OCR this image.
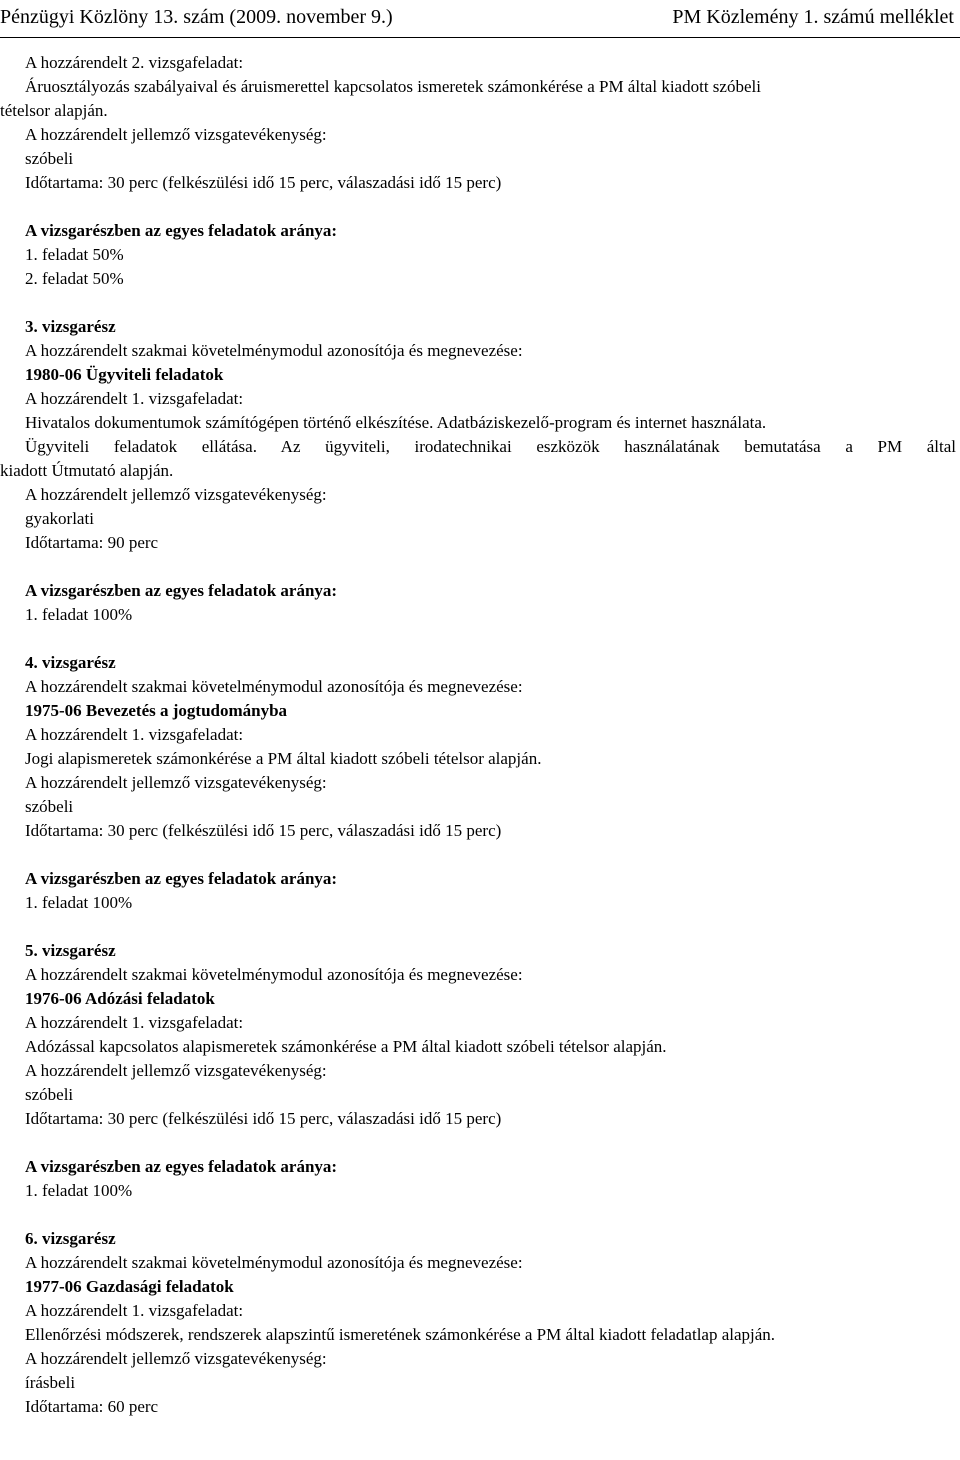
Pénzügyi Közlöny 13. szám (2009. november 9.)	PM Közlemény 1. számú melléklet
A hozzárendelt 2. vizsgafeladat:
Áruosztályozás szabályaival és áruismerettel kapcsolatos ismeretek számonkérése a PM által kiadott szóbeli
tételsor alapján.
A hozzárendelt jellemző vizsgatevékenység:
szóbeli
Időtartama: 30 perc (felkészülési idő 15 perc, válaszadási idő 15 perc)
A vizsgarészben az egyes feladatok aránya:
1. feladat 50%
2. feladat 50%
3. vizsgarész
A hozzárendelt szakmai követelménymodul azonosítója és megnevezése:
1980-06 Ügyviteli feladatok
A hozzárendelt 1. vizsgafeladat:
Hivatalos dokumentumok számítógépen történő elkészítése. Adatbáziskezelő-program és internet használata.
Ügyviteli feladatok ellátása. Az ügyviteli, irodatechnikai eszközök használatának bemutatása a PM által
kiadott Útmutató alapján.
A hozzárendelt jellemző vizsgatevékenység:
gyakorlati
Időtartama: 90 perc
A vizsgarészben az egyes feladatok aránya:
1. feladat 100%
4. vizsgarész
A hozzárendelt szakmai követelménymodul azonosítója és megnevezése:
1975-06 Bevezetés a jogtudományba
A hozzárendelt 1. vizsgafeladat:
Jogi alapismeretek számonkérése a PM által kiadott szóbeli tételsor alapján.
A hozzárendelt jellemző vizsgatevékenység:
szóbeli
Időtartama: 30 perc (felkészülési idő 15 perc, válaszadási idő 15 perc)
A vizsgarészben az egyes feladatok aránya:
1. feladat 100%
5. vizsgarész
A hozzárendelt szakmai követelménymodul azonosítója és megnevezése:
1976-06 Adózási feladatok
A hozzárendelt 1. vizsgafeladat:
Adózással kapcsolatos alapismeretek számonkérése a PM által kiadott szóbeli tételsor alapján.
A hozzárendelt jellemző vizsgatevékenység:
szóbeli
Időtartama: 30 perc (felkészülési idő 15 perc, válaszadási idő 15 perc)
A vizsgarészben az egyes feladatok aránya:
1. feladat 100%
6. vizsgarész
A hozzárendelt szakmai követelménymodul azonosítója és megnevezése:
1977-06 Gazdasági feladatok
A hozzárendelt 1. vizsgafeladat:
Ellenőrzési módszerek, rendszerek alapszintű ismeretének számonkérése a PM által kiadott feladatlap alapján.
A hozzárendelt jellemző vizsgatevékenység:
írásbeli
Időtartama: 60 perc
